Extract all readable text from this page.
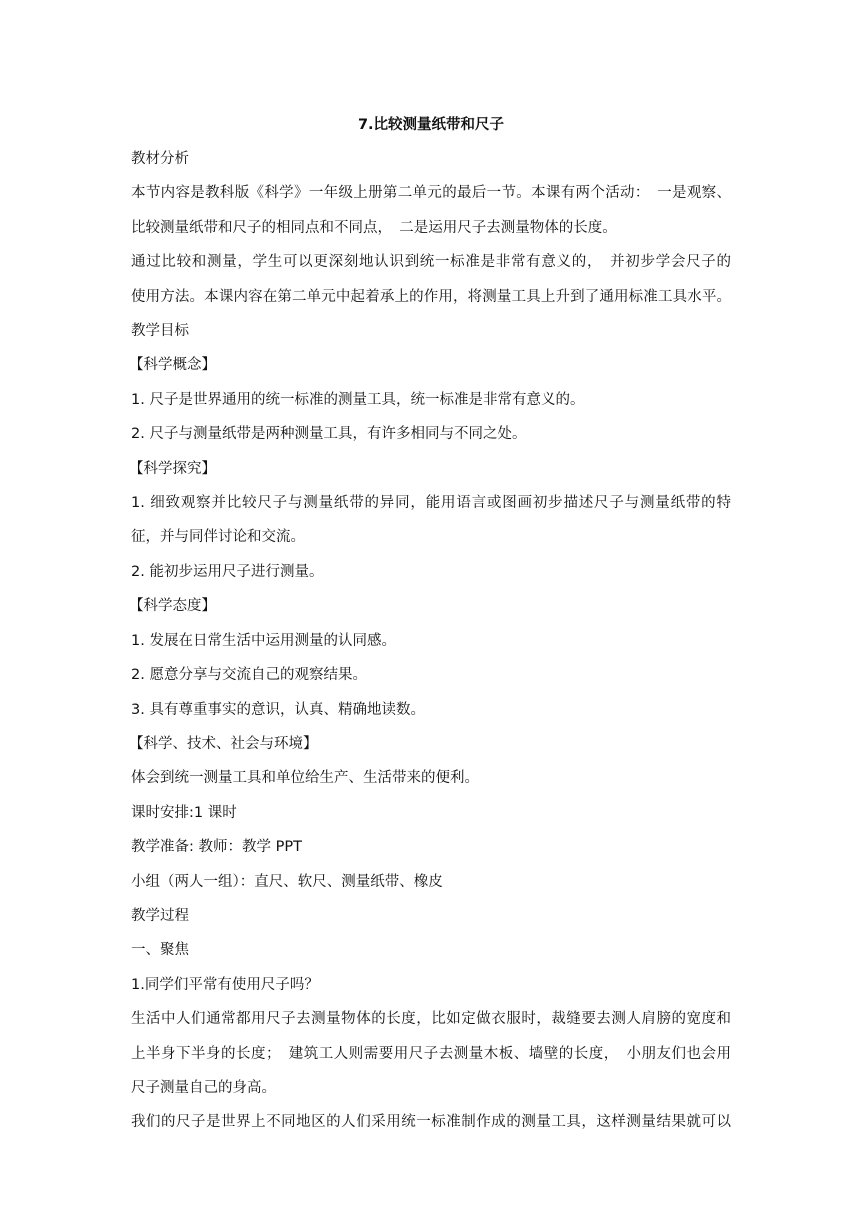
7.比较测量纸带和尺子

教材分析

本节内容是教科版《科学》一年级上册第二单元的最后一节。本课有两个活动：　一是观察、

比较测量纸带和尺子的相同点和不同点，　二是运用尺子去测量物体的长度。

通过比较和测量，学生可以更深刻地认识到统一标准是非常有意义的，　并初步学会尺子的

使用方法。本课内容在第二单元中起着承上的作用，将测量工具上升到了通用标准工具水平。

教学目标

【科学概念】

1. 尺子是世界通用的统一标准的测量工具，统一标准是非常有意义的。

2. 尺子与测量纸带是两种测量工具，有许多相同与不同之处。

【科学探究】

1. 细致观察并比较尺子与测量纸带的异同，能用语言或图画初步描述尺子与测量纸带的特

征，并与同伴讨论和交流。

2. 能初步运用尺子进行测量。

【科学态度】

1. 发展在日常生活中运用测量的认同感。

2. 愿意分享与交流自己的观察结果。

3. 具有尊重事实的意识，认真、精确地读数。

【科学、技术、社会与环境】

体会到统一测量工具和单位给生产、生活带来的便利。

课时安排:1 课时

教学准备: 教师：教学 PPT

小组（两人一组）：直尺、软尺、测量纸带、橡皮

教学过程

一、聚焦

1.同学们平常有使用尺子吗？

生活中人们通常都用尺子去测量物体的长度，比如定做衣服时，裁缝要去测人肩膀的宽度和

上半身下半身的长度；　建筑工人则需要用尺子去测量木板、墙壁的长度，　小朋友们也会用

尺子测量自己的身高。

我们的尺子是世界上不同地区的人们采用统一标准制作成的测量工具，这样测量结果就可以
